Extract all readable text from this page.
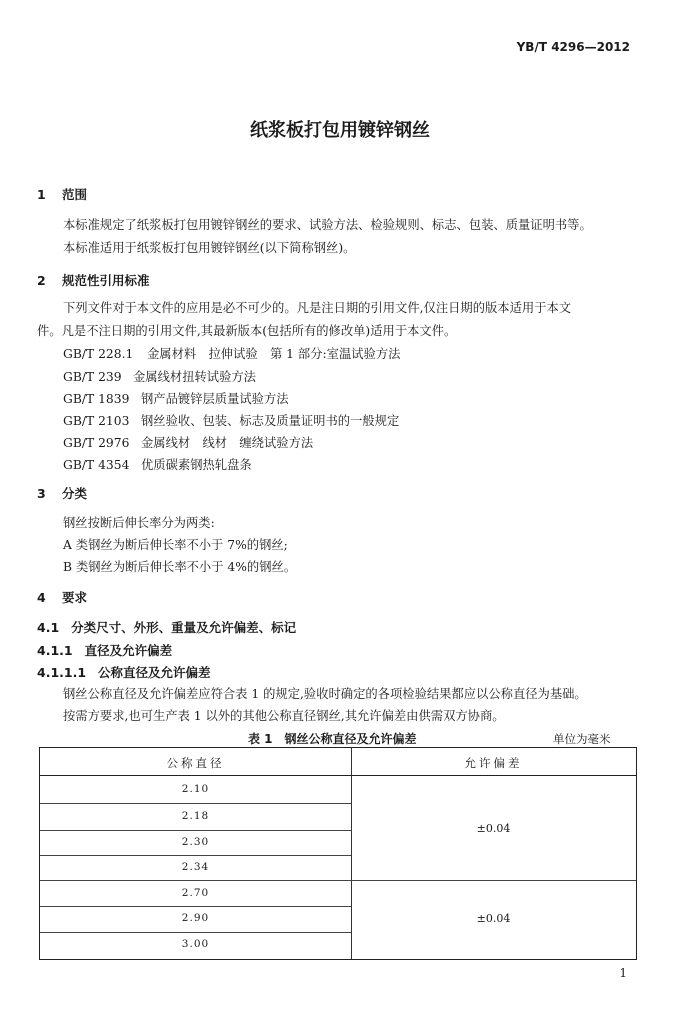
YB/T 4296—2012
纸浆板打包用镀锌钢丝
1 范围
本标准规定了纸浆板打包用镀锌钢丝的要求、试验方法、检验规则、标志、包装、质量证明书等。
本标准适用于纸浆板打包用镀锌钢丝(以下简称钢丝)。
2 规范性引用标准
下列文件对于本文件的应用是必不可少的。凡是注日期的引用文件,仅注日期的版本适用于本文
件。凡是不注日期的引用文件,其最新版本(包括所有的修改单)适用于本文件。
GB/T 228.1 金属材料　拉伸试验　第 1 部分:室温试验方法
GB/T 239 金属线材扭转试验方法
GB/T 1839 钢产品镀锌层质量试验方法
GB/T 2103 钢丝验收、包装、标志及质量证明书的一般规定
GB/T 2976 金属线材　线材　缠绕试验方法
GB/T 4354 优质碳素钢热轧盘条
3 分类
钢丝按断后伸长率分为两类:
A 类钢丝为断后伸长率不小于 7%的钢丝;
B 类钢丝为断后伸长率不小于 4%的钢丝。
4 要求
4.1 分类尺寸、外形、重量及允许偏差、标记
4.1.1 直径及允许偏差
4.1.1.1 公称直径及允许偏差
钢丝公称直径及允许偏差应符合表 1 的规定,验收时确定的各项检验结果都应以公称直径为基础。
按需方要求,也可生产表 1 以外的其他公称直径钢丝,其允许偏差由供需双方协商。
表 1　钢丝公称直径及允许偏差	单位为毫米
公称直径	允许偏差
2.10
2.18
2.30
2.34
2.70
2.90
3.00
±0.04
±0.04
1
